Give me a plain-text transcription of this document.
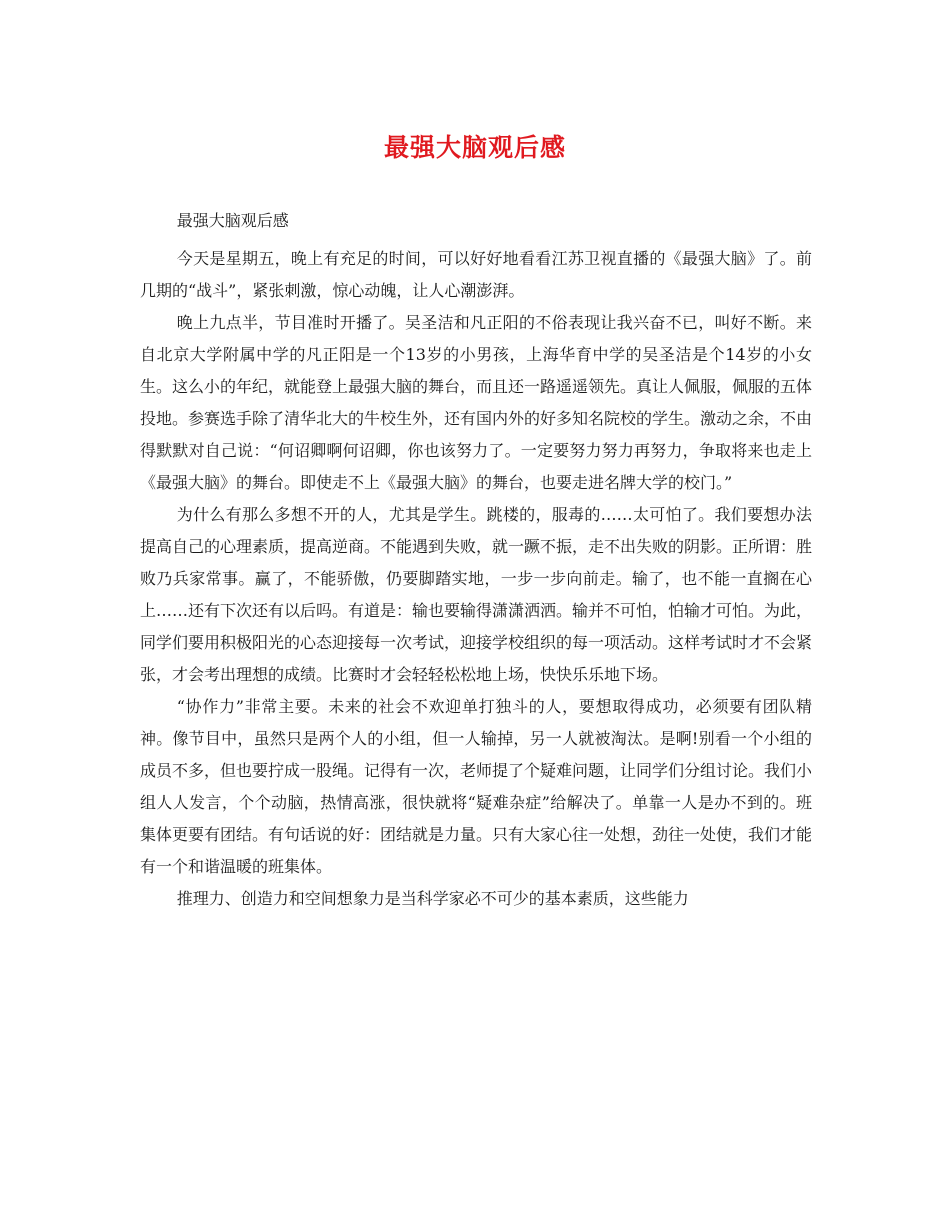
最强大脑观后感

最强大脑观后感

今天是星期五，晚上有充足的时间，可以好好地看看江苏卫视直播的《最强大脑》了。前几期的“战斗”，紧张刺激，惊心动魄，让人心潮澎湃。

晚上九点半，节目准时开播了。吴圣洁和凡正阳的不俗表现让我兴奋不已，叫好不断。来自北京大学附属中学的凡正阳是一个13岁的小男孩，上海华育中学的吴圣洁是个14岁的小女生。这么小的年纪，就能登上最强大脑的舞台，而且还一路遥遥领先。真让人佩服，佩服的五体投地。参赛选手除了清华北大的牛校生外，还有国内外的好多知名院校的学生。激动之余，不由得默默对自己说：“何诏卿啊何诏卿，你也该努力了。一定要努力努力再努力，争取将来也走上《最强大脑》的舞台。即使走不上《最强大脑》的舞台，也要走进名牌大学的校门。”

为什么有那么多想不开的人，尤其是学生。跳楼的，服毒的……太可怕了。我们要想办法提高自己的心理素质，提高逆商。不能遇到失败，就一蹶不振，走不出失败的阴影。正所谓：胜败乃兵家常事。赢了，不能骄傲，仍要脚踏实地，一步一步向前走。输了，也不能一直搁在心上……还有下次还有以后吗。有道是：输也要输得潇潇洒洒。输并不可怕，怕输才可怕。为此，同学们要用积极阳光的心态迎接每一次考试，迎接学校组织的每一项活动。这样考试时才不会紧张，才会考出理想的成绩。比赛时才会轻轻松松地上场，快快乐乐地下场。

“协作力”非常主要。未来的社会不欢迎单打独斗的人，要想取得成功，必须要有团队精神。像节目中，虽然只是两个人的小组，但一人输掉，另一人就被淘汰。是啊!别看一个小组的成员不多，但也要拧成一股绳。记得有一次，老师提了个疑难问题，让同学们分组讨论。我们小组人人发言，个个动脑，热情高涨，很快就将“疑难杂症”给解决了。单靠一人是办不到的。班集体更要有团结。有句话说的好：团结就是力量。只有大家心往一处想，劲往一处使，我们才能有一个和谐温暖的班集体。

推理力、创造力和空间想象力是当科学家必不可少的基本素质，这些能力
